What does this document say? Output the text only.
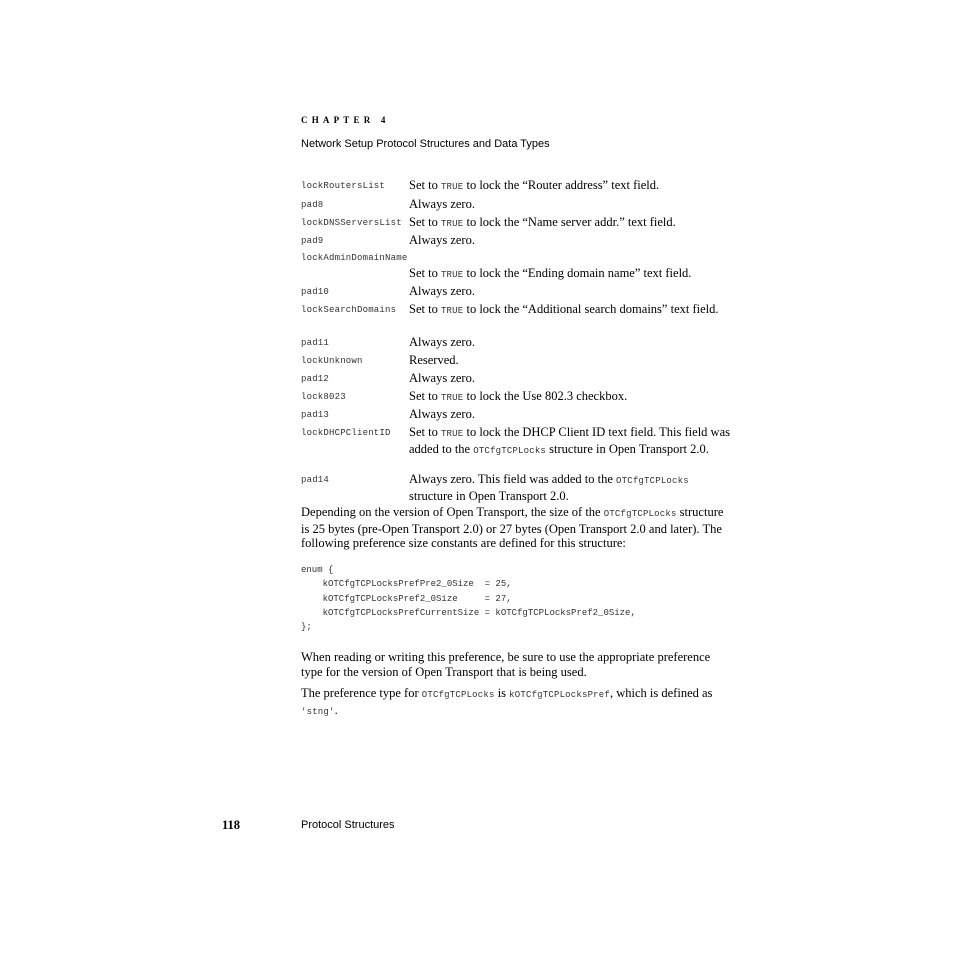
CHAPTER 4
Network Setup Protocol Structures and Data Types
lockRoutersList Set to TRUE to lock the “Router address” text field.
pad8	Always zero.
lockDNSServersList Set to TRUE to lock the “Name server addr.” text field.
pad9	Always zero.
lockAdminDomainName
Set to TRUE to lock the “Ending domain name” text field.
pad10	Always zero.
lockSearchDomains Set to TRUE to lock the “Additional search domains” text field.
pad11	Always zero.
lockUnknown	Reserved.
pad12	Always zero.
lock8023	Set to TRUE to lock the Use 802.3 checkbox.
pad13	Always zero.
lockDHCPClientID Set to TRUE to lock the DHCP Client ID text field. This field was added to the OTCfgTCPLocks structure in Open Transport 2.0.
pad14	Always zero. This field was added to the OTCfgTCPLocks structure in Open Transport 2.0.
Depending on the version of Open Transport, the size of the OTCfgTCPLocks structure is 25 bytes (pre-Open Transport 2.0) or 27 bytes (Open Transport 2.0 and later). The following preference size constants are defined for this structure:
enum {
kOTCfgTCPLocksPrefPre2_0Size  = 25,
kOTCfgTCPLocksPref2_0Size     = 27,
kOTCfgTCPLocksPrefCurrentSize = kOTCfgTCPLocksPref2_0Size,
};
When reading or writing this preference, be sure to use the appropriate preference type for the version of Open Transport that is being used.
The preference type for OTCfgTCPLocks is kOTCfgTCPLocksPref, which is defined as 'stng'.
118	Protocol Structures
